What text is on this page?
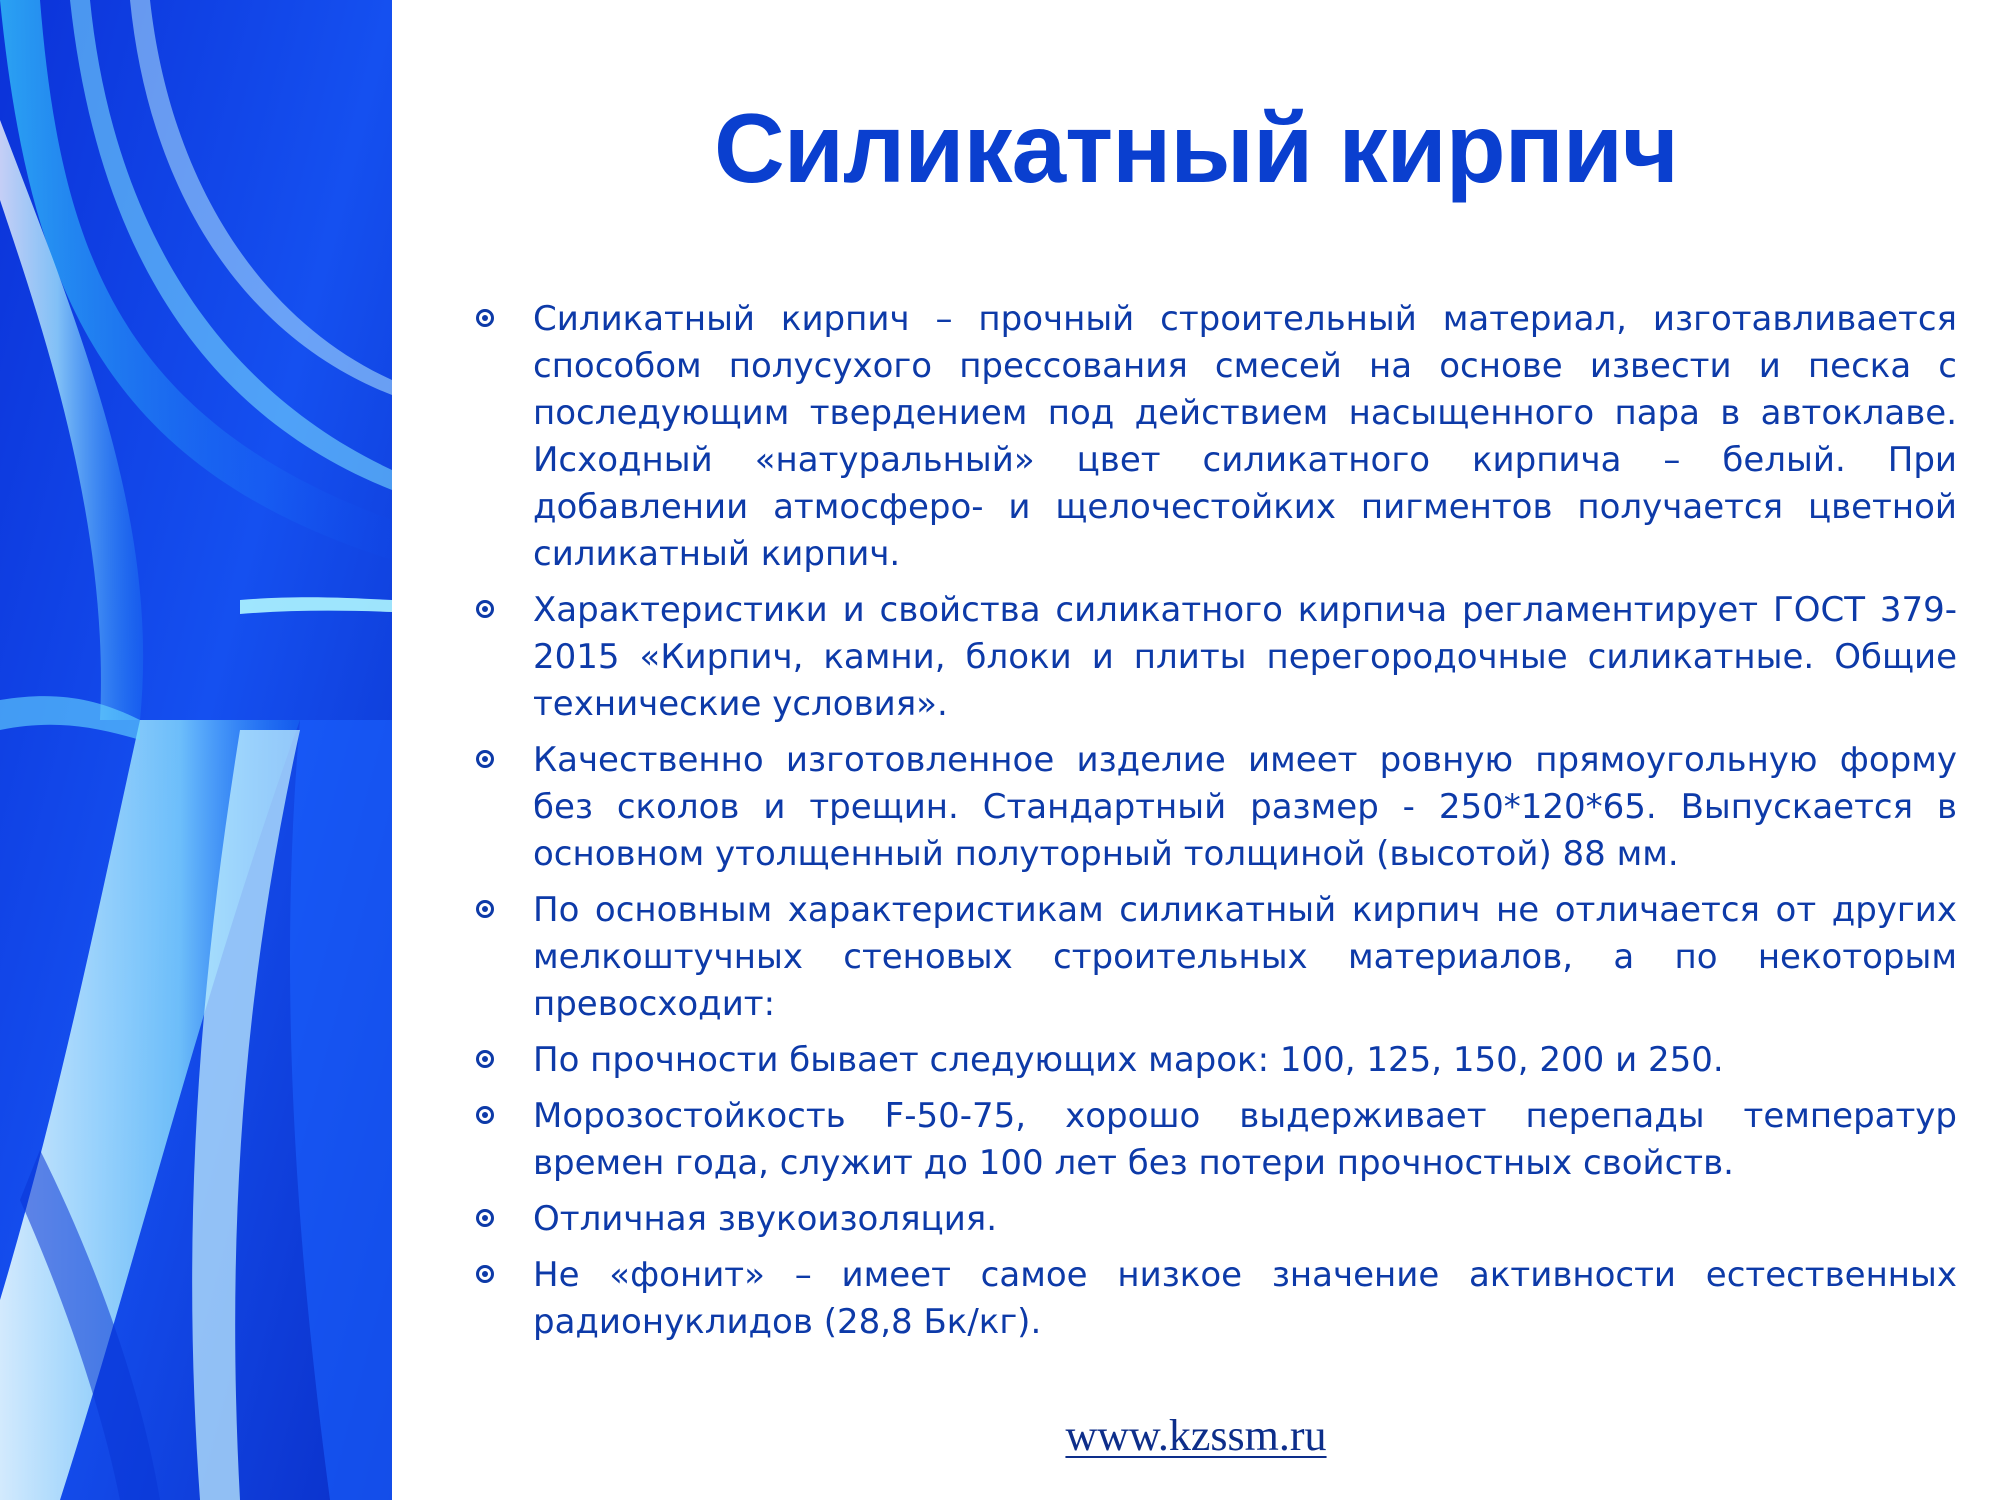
Силикатный кирпич
Силикатный кирпич – прочный строительный материал, изготавливается способом полусухого прессования смесей на основе извести и песка с последующим твердением под действием насыщенного пара в автоклаве. Исходный «натуральный» цвет силикатного кирпича – белый. При добавлении атмосферо- и щелочестойких пигментов получается цветной силикатный кирпич.
Характеристики и свойства силикатного кирпича регламентирует ГОСТ 379-2015 «Кирпич, камни, блоки и плиты перегородочные силикатные. Общие технические условия».
Качественно изготовленное изделие имеет ровную прямоугольную форму без сколов и трещин. Стандартный размер - 250*120*65. Выпускается в основном утолщенный полуторный толщиной (высотой) 88 мм.
По основным характеристикам силикатный кирпич не отличается от других мелкоштучных стеновых строительных материалов, а по некоторым превосходит:
По прочности бывает следующих марок: 100, 125, 150, 200 и 250.
Морозостойкость F-50-75, хорошо выдерживает перепады температур времен года, служит до 100 лет без потери прочностных свойств.
Отличная звукоизоляция.
Не «фонит» – имеет самое низкое значение активности естественных радионуклидов (28,8 Бк/кг).
www.kzssm.ru
